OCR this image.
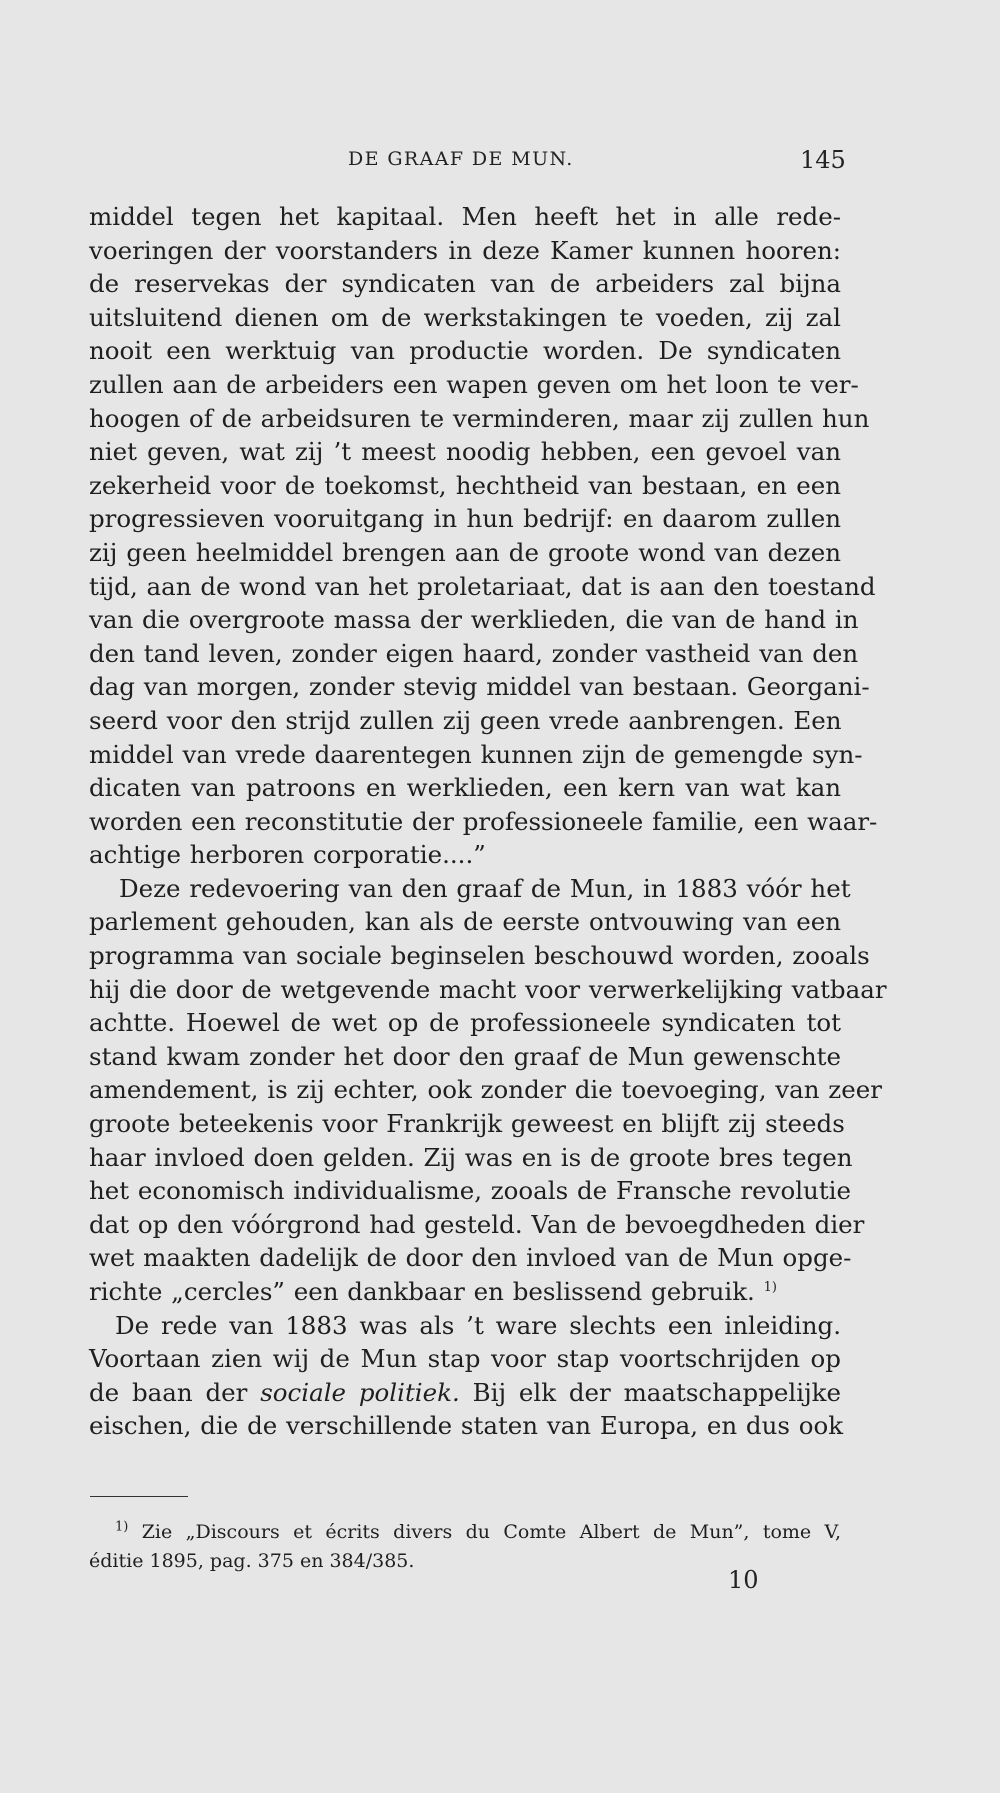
DE GRAAF DE MUN.	145
middel tegen het kapitaal. Men heeft het in alle rede-
voeringen der voorstanders in deze Kamer kunnen hooren:
de reservekas der syndicaten van de arbeiders zal bijna
uitsluitend dienen om de werkstakingen te voeden, zij zal
nooit een werktuig van productie worden. De syndicaten
zullen aan de arbeiders een wapen geven om het loon te ver-
hoogen of de arbeidsuren te verminderen, maar zij zullen hun
niet geven, wat zij ’t meest noodig hebben, een gevoel van
zekerheid voor de toekomst, hechtheid van bestaan, en een
progressieven vooruitgang in hun bedrijf: en daarom zullen
zij geen heelmiddel brengen aan de groote wond van dezen
tijd, aan de wond van het proletariaat, dat is aan den toestand
van die overgroote massa der werklieden, die van de hand in
den tand leven, zonder eigen haard, zonder vastheid van den
dag van morgen, zonder stevig middel van bestaan. Georgani-
seerd voor den strijd zullen zij geen vrede aanbrengen. Een
middel van vrede daarentegen kunnen zijn de gemengde syn-
dicaten van patroons en werklieden, een kern van wat kan
worden een reconstitutie der professioneele familie, een waar-
achtige herboren corporatie....”
Deze redevoering van den graaf de Mun, in 1883 vóór het
parlement gehouden, kan als de eerste ontvouwing van een
programma van sociale beginselen beschouwd worden, zooals
hij die door de wetgevende macht voor verwerkelijking vatbaar
achtte. Hoewel de wet op de professioneele syndicaten tot
stand kwam zonder het door den graaf de Mun gewenschte
amendement, is zij echter, ook zonder die toevoeging, van zeer
groote beteekenis voor Frankrijk geweest en blijft zij steeds
haar invloed doen gelden. Zij was en is de groote bres tegen
het economisch individualisme, zooals de Fransche revolutie
dat op den vóórgrond had gesteld. Van de bevoegdheden dier
wet maakten dadelijk de door den invloed van de Mun opge-
richte „cercles” een dankbaar en beslissend gebruik. $^{1)}$
De rede van 1883 was als ’t ware slechts een inleiding.
Voortaan zien wij de Mun stap voor stap voortschrijden op
de baan der sociale politiek. Bij elk der maatschappelijke
eischen, die de verschillende staten van Europa, en dus ook
$^{1)}$ Zie „Discours et écrits divers du Comte Albert de Mun”, tome V,
éditie 1895, pag. 375 en 384/385.
10
